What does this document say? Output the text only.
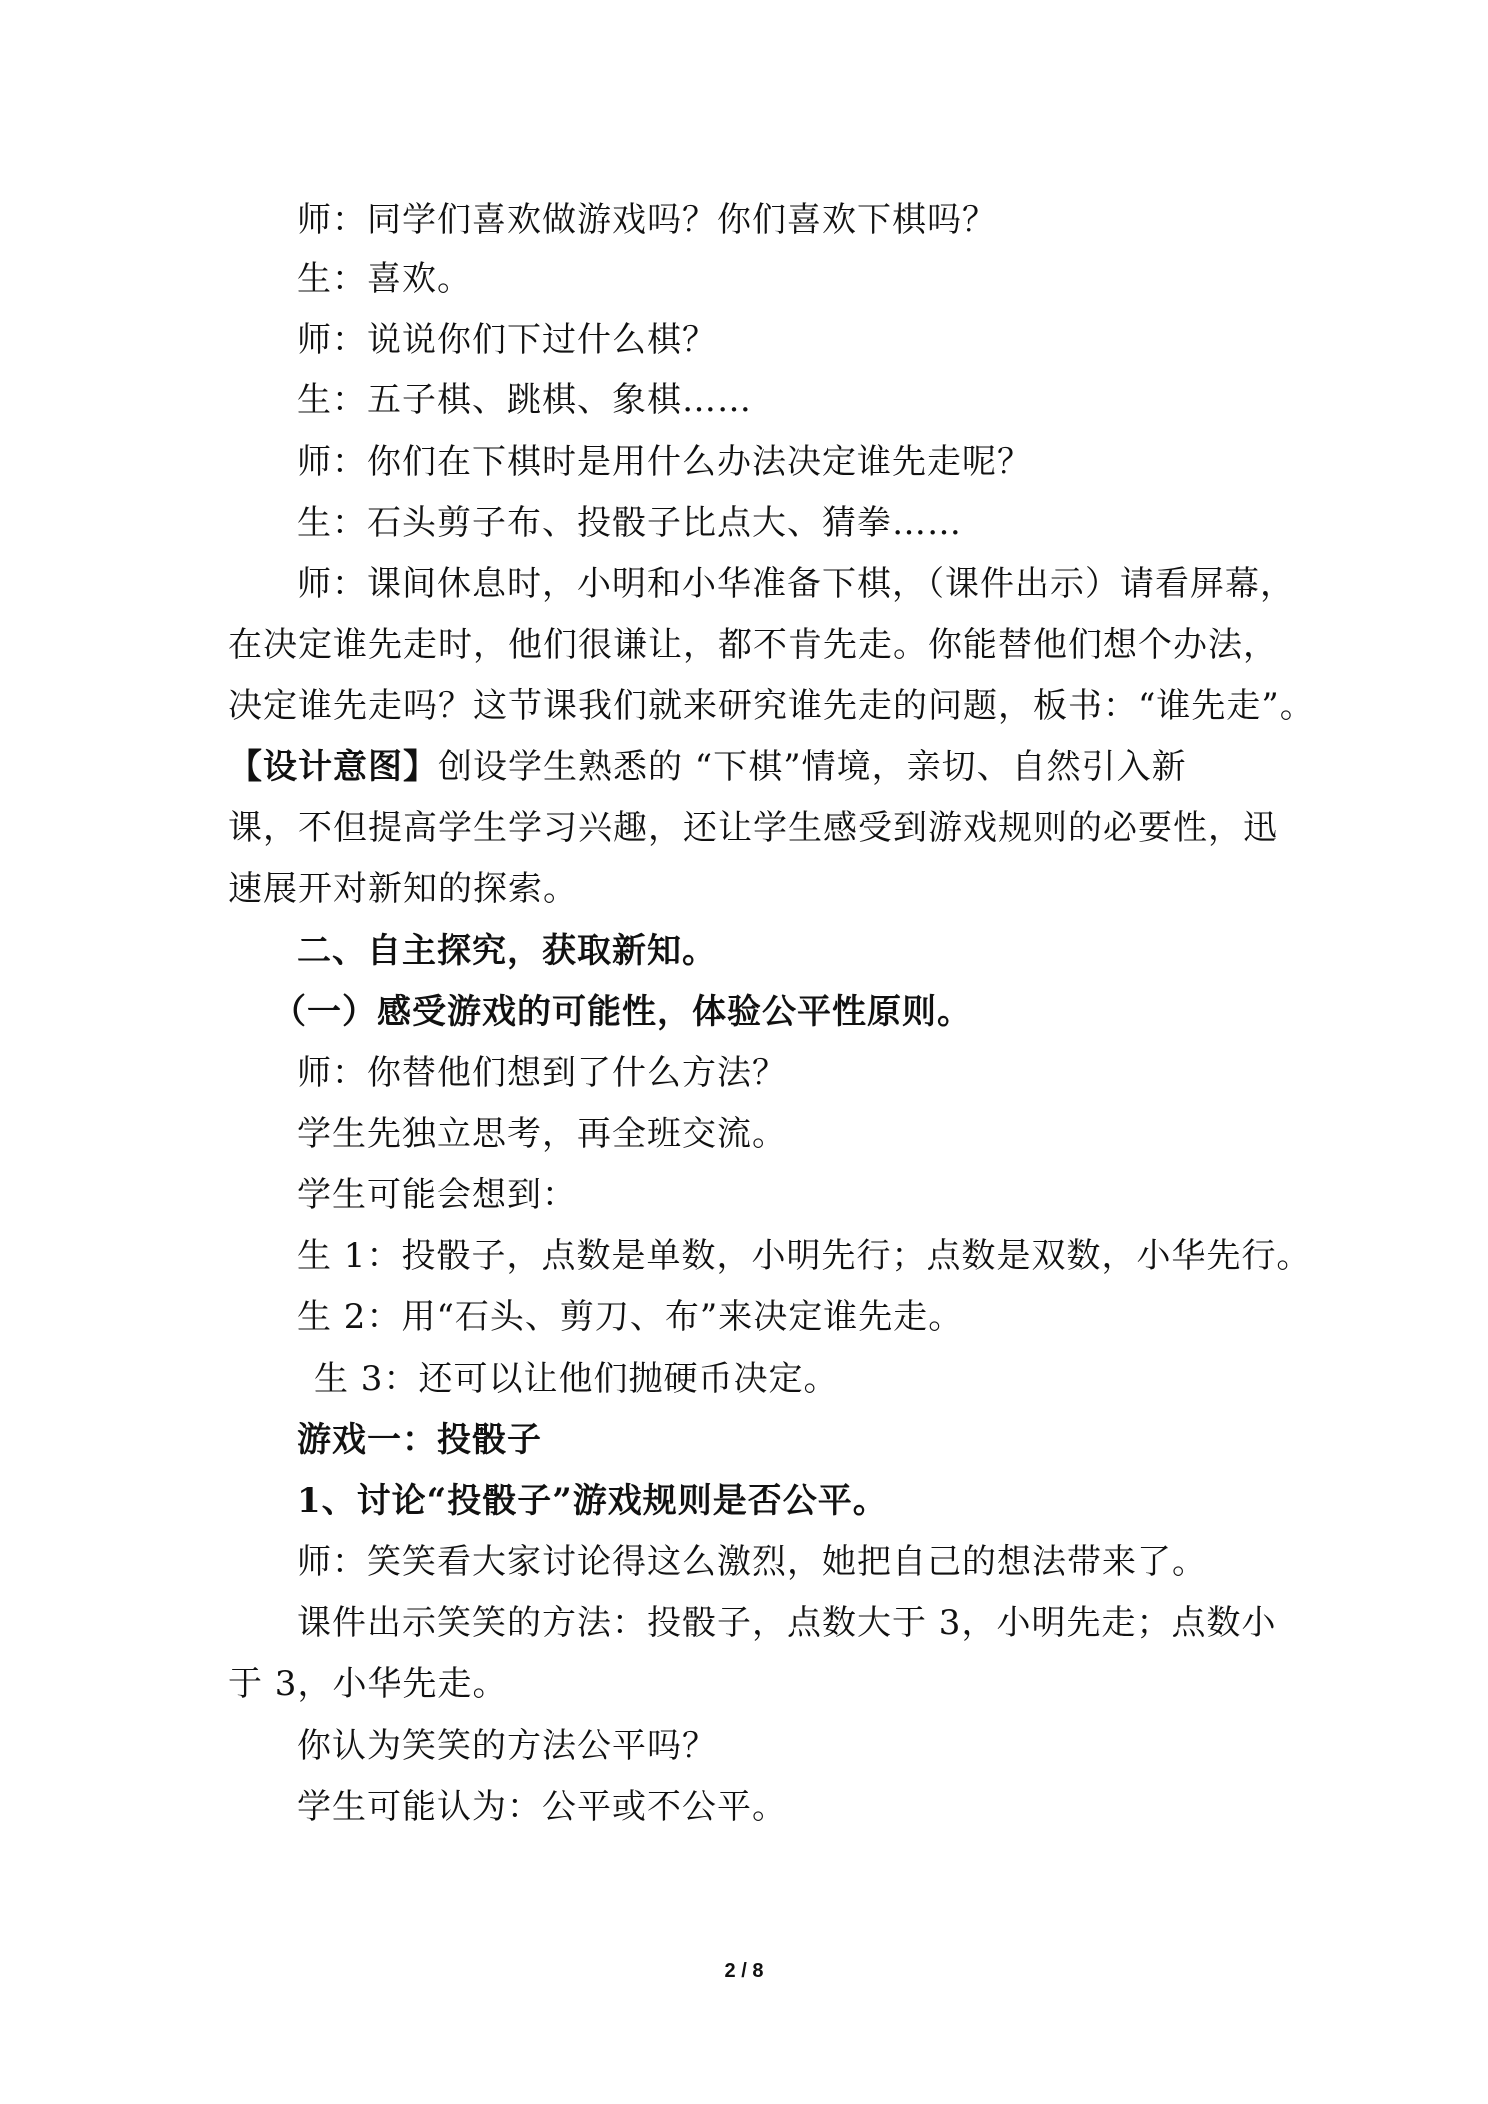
师：同学们喜欢做游戏吗？你们喜欢下棋吗？
生：喜欢。
师：说说你们下过什么棋？
生：五子棋、跳棋、象棋……
师：你们在下棋时是用什么办法决定谁先走呢？
生：石头剪子布、投骰子比点大、猜拳……
师：课间休息时，小明和小华准备下棋，（课件出示）请看屏幕，
在决定谁先走时，他们很谦让，都不肯先走。你能替他们想个办法，
决定谁先走吗？这节课我们就来研究谁先走的问题，板书：“谁先走”。
【设计意图】创设学生熟悉的 “下棋”情境，亲切、自然引入新
课，不但提高学生学习兴趣，还让学生感受到游戏规则的必要性，迅
速展开对新知的探索。
二、自主探究，获取新知。
（一）感受游戏的可能性，体验公平性原则。
师：你替他们想到了什么方法？
学生先独立思考，再全班交流。
学生可能会想到：
生 1：投骰子，点数是单数，小明先行；点数是双数，小华先行。
生 2：用“石头、剪刀、布”来决定谁先走。
生 3：还可以让他们抛硬币决定。
游戏一：投骰子
1、讨论“投骰子”游戏规则是否公平。
师：笑笑看大家讨论得这么激烈，她把自己的想法带来了。
课件出示笑笑的方法：投骰子，点数大于 3，小明先走；点数小
于 3，小华先走。
你认为笑笑的方法公平吗？
学生可能认为：公平或不公平。
2 / 8
